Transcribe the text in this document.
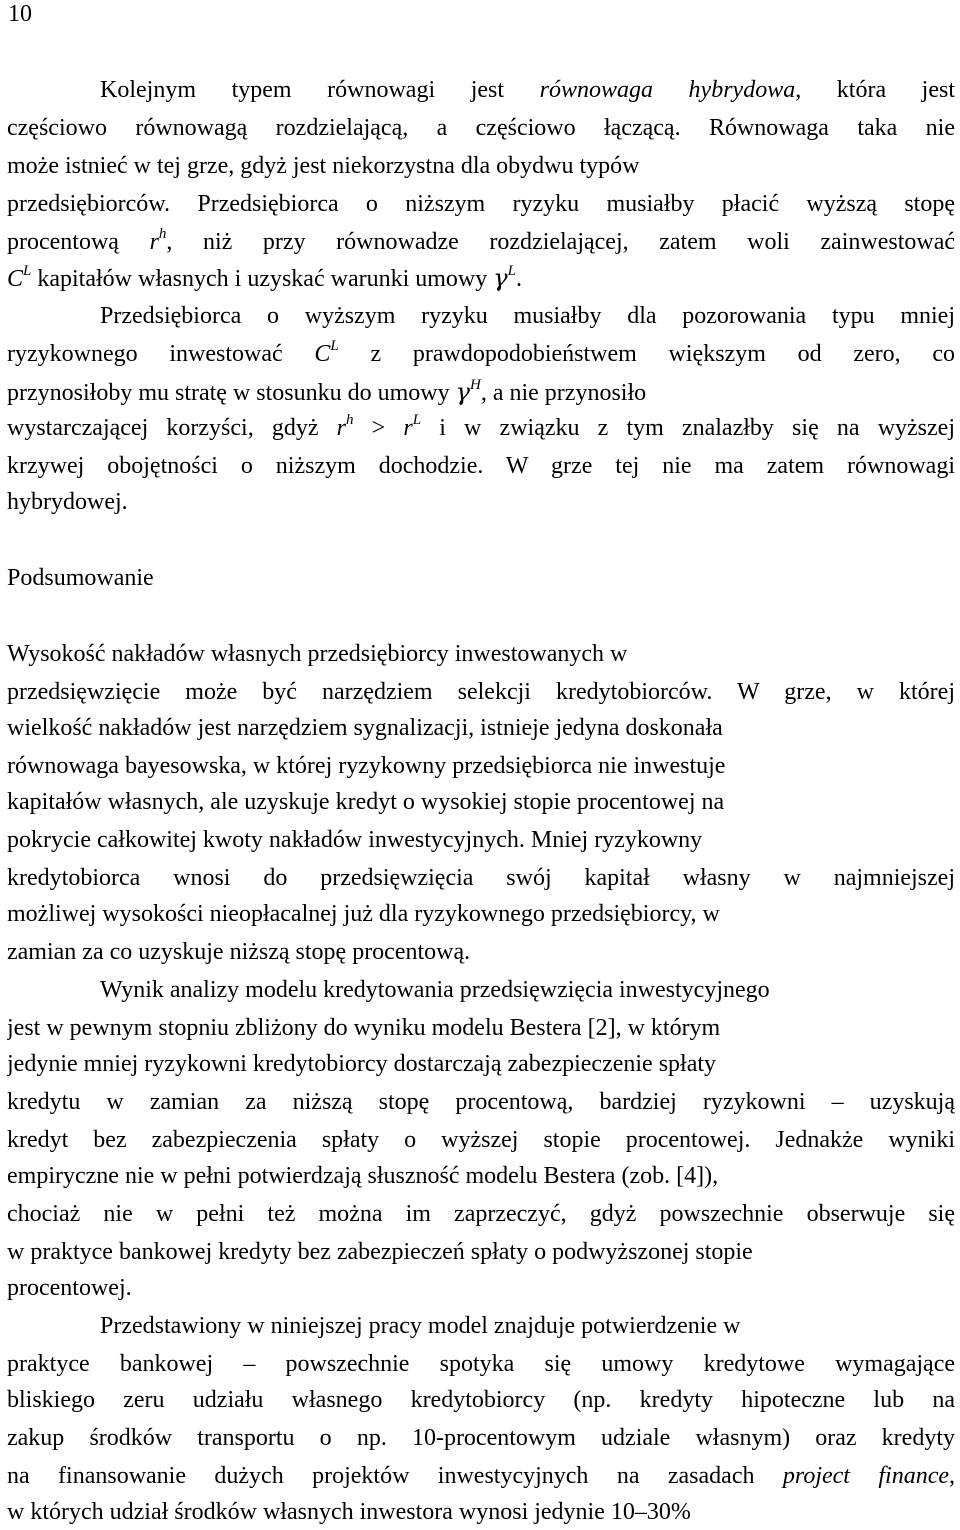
10
Kolejnym typem równowagi jest równowaga hybrydowa, która jest
częściowo równowagą rozdzielającą, a częściowo łączącą. Równowaga taka nie
może istnieć w tej grze, gdyż jest niekorzystna dla obydwu typów
przedsiębiorców. Przedsiębiorca o niższym ryzyku musiałby płacić wyższą stopę
procentową $r^h$, niż przy równowadze rozdzielającej, zatem woli zainwestować
$C^L$ kapitałów własnych i uzyskać warunki umowy $\gamma^L$.
Przedsiębiorca o wyższym ryzyku musiałby dla pozorowania typu mniej
ryzykownego inwestować $C^L$ z prawdopodobieństwem większym od zero, co
przynosiłoby mu stratę w stosunku do umowy $\gamma^H$, a nie przynosiło
wystarczającej korzyści, gdyż $r^h > r^L$ i w związku z tym znalazłby się na wyższej
krzywej obojętności o niższym dochodzie. W grze tej nie ma zatem równowagi
hybrydowej.
Podsumowanie
Wysokość nakładów własnych przedsiębiorcy inwestowanych w
przedsięwzięcie może być narzędziem selekcji kredytobiorców. W grze, w której
wielkość nakładów jest narzędziem sygnalizacji, istnieje jedyna doskonała
równowaga bayesowska, w której ryzykowny przedsiębiorca nie inwestuje
kapitałów własnych, ale uzyskuje kredyt o wysokiej stopie procentowej na
pokrycie całkowitej kwoty nakładów inwestycyjnych. Mniej ryzykowny
kredytobiorca wnosi do przedsięwzięcia swój kapitał własny w najmniejszej
możliwej wysokości nieopłacalnej już dla ryzykownego przedsiębiorcy, w
zamian za co uzyskuje niższą stopę procentową.
Wynik analizy modelu kredytowania przedsięwzięcia inwestycyjnego
jest w pewnym stopniu zbliżony do wyniku modelu Bestera [2], w którym
jedynie mniej ryzykowni kredytobiorcy dostarczają zabezpieczenie spłaty
kredytu w zamian za niższą stopę procentową, bardziej ryzykowni – uzyskują
kredyt bez zabezpieczenia spłaty o wyższej stopie procentowej. Jednakże wyniki
empiryczne nie w pełni potwierdzają słuszność modelu Bestera (zob. [4]),
chociaż nie w pełni też można im zaprzeczyć, gdyż powszechnie obserwuje się
w praktyce bankowej kredyty bez zabezpieczeń spłaty o podwyższonej stopie
procentowej.
Przedstawiony w niniejszej pracy model znajduje potwierdzenie w
praktyce bankowej – powszechnie spotyka się umowy kredytowe wymagające
bliskiego zeru udziału własnego kredytobiorcy (np. kredyty hipoteczne lub na
zakup środków transportu o np. 10-procentowym udziale własnym) oraz kredyty
na finansowanie dużych projektów inwestycyjnych na zasadach project finance,
w których udział środków własnych inwestora wynosi jedynie 10–30%
